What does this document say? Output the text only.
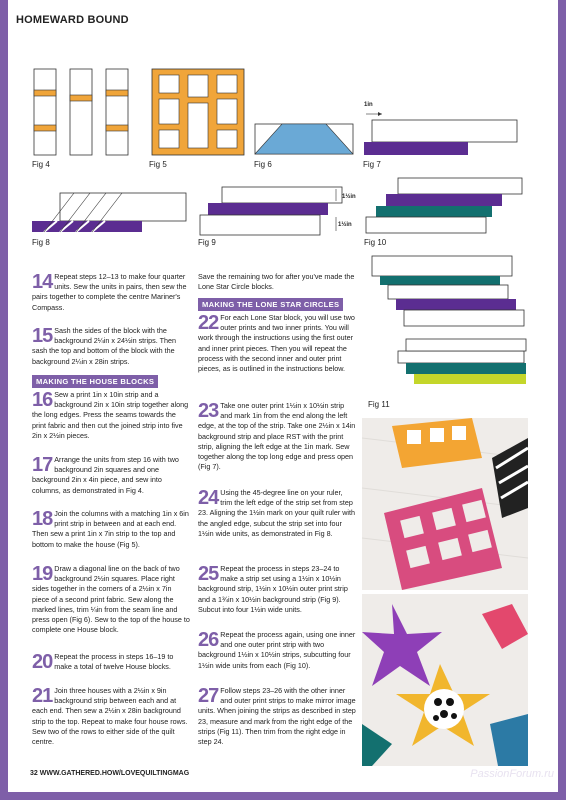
HOMEWARD BOUND
Fig 4	Fig 5	Fig 6
1in
Fig 7
Fig 8
1½in
1½in
Fig 9	Fig 10
Fig 11
14 Repeat steps 12–13 to make four quarter units. Sew the units in pairs, then sew the pairs together to complete the centre Mariner's Compass.
15 Sash the sides of the block with the background 2¼in x 24½in strips. Then sash the top and bottom of the block with the background 2¼in x 28in strips.
MAKING THE HOUSE BLOCKS
16 Sew a print 1in x 10in strip and a background 2in x 10in strip together along the long edges. Press the seams towards the print fabric and then cut the joined strip into five 2in x 2½in pieces.
17 Arrange the units from step 16 with two background 2in squares and one background 2in x 4in piece, and sew into columns, as demonstrated in Fig 4.
18 Join the columns with a matching 1in x 6in print strip in between and at each end. Then sew a print 1in x 7in strip to the top and bottom to make the house (Fig 5).
19 Draw a diagonal line on the back of two background 2½in squares. Place right sides together in the corners of a 2½in x 7in piece of a second print fabric. Sew along the marked lines, trim ¼in from the seam line and press open (Fig 6). Sew to the top of the house to complete one House block.
20 Repeat the process in steps 16–19 to make a total of twelve House blocks.
21 Join three houses with a 2½in x 9in background strip between each and at each end. Then sew a 2½in x 28in background strip to the top. Repeat to make four house rows. Sew two of the rows to either side of the quilt centre.
Save the remaining two for after you've made the Lone Star Circle blocks.
MAKING THE LONE STAR CIRCLES
22 For each Lone Star block, you will use two outer prints and two inner prints. You will work through the instructions using the first outer and inner print pieces. Then you will repeat the process with the second inner and outer print pieces, as is outlined in the instructions below.
23 Take one outer print 1½in x 10½in strip and mark 1in from the end along the left edge, at the top of the strip. Take one 2½in x 14in background strip and place RST with the print strip, aligning the left edge at the 1in mark. Sew together along the top long edge and press open (Fig 7).
24 Using the 45-degree line on your ruler, trim the left edge of the strip set from step 23. Aligning the 1½in mark on your quilt ruler with the angled edge, subcut the strip set into four 1½in wide units, as demonstrated in Fig 8.
25 Repeat the process in steps 23–24 to make a strip set using a 1½in x 10½in background strip, 1½in x 10½in outer print strip and a 1¾in x 10½in background strip (Fig 9). Subcut into four 1½in wide units.
26 Repeat the process again, using one inner and one outer print strip with two background 1½in x 10½in strips, subcutting four 1½in wide units from each (Fig 10).
27 Follow steps 23–26 with the other inner and outer print strips to make mirror image units. When joining the strips as described in step 23, measure and mark from the right edge of the strips (Fig 11). Then trim from the right edge in step 24.
32 WWW.GATHERED.HOW/LOVEQUILTINGMAG	PassionForum.ru
